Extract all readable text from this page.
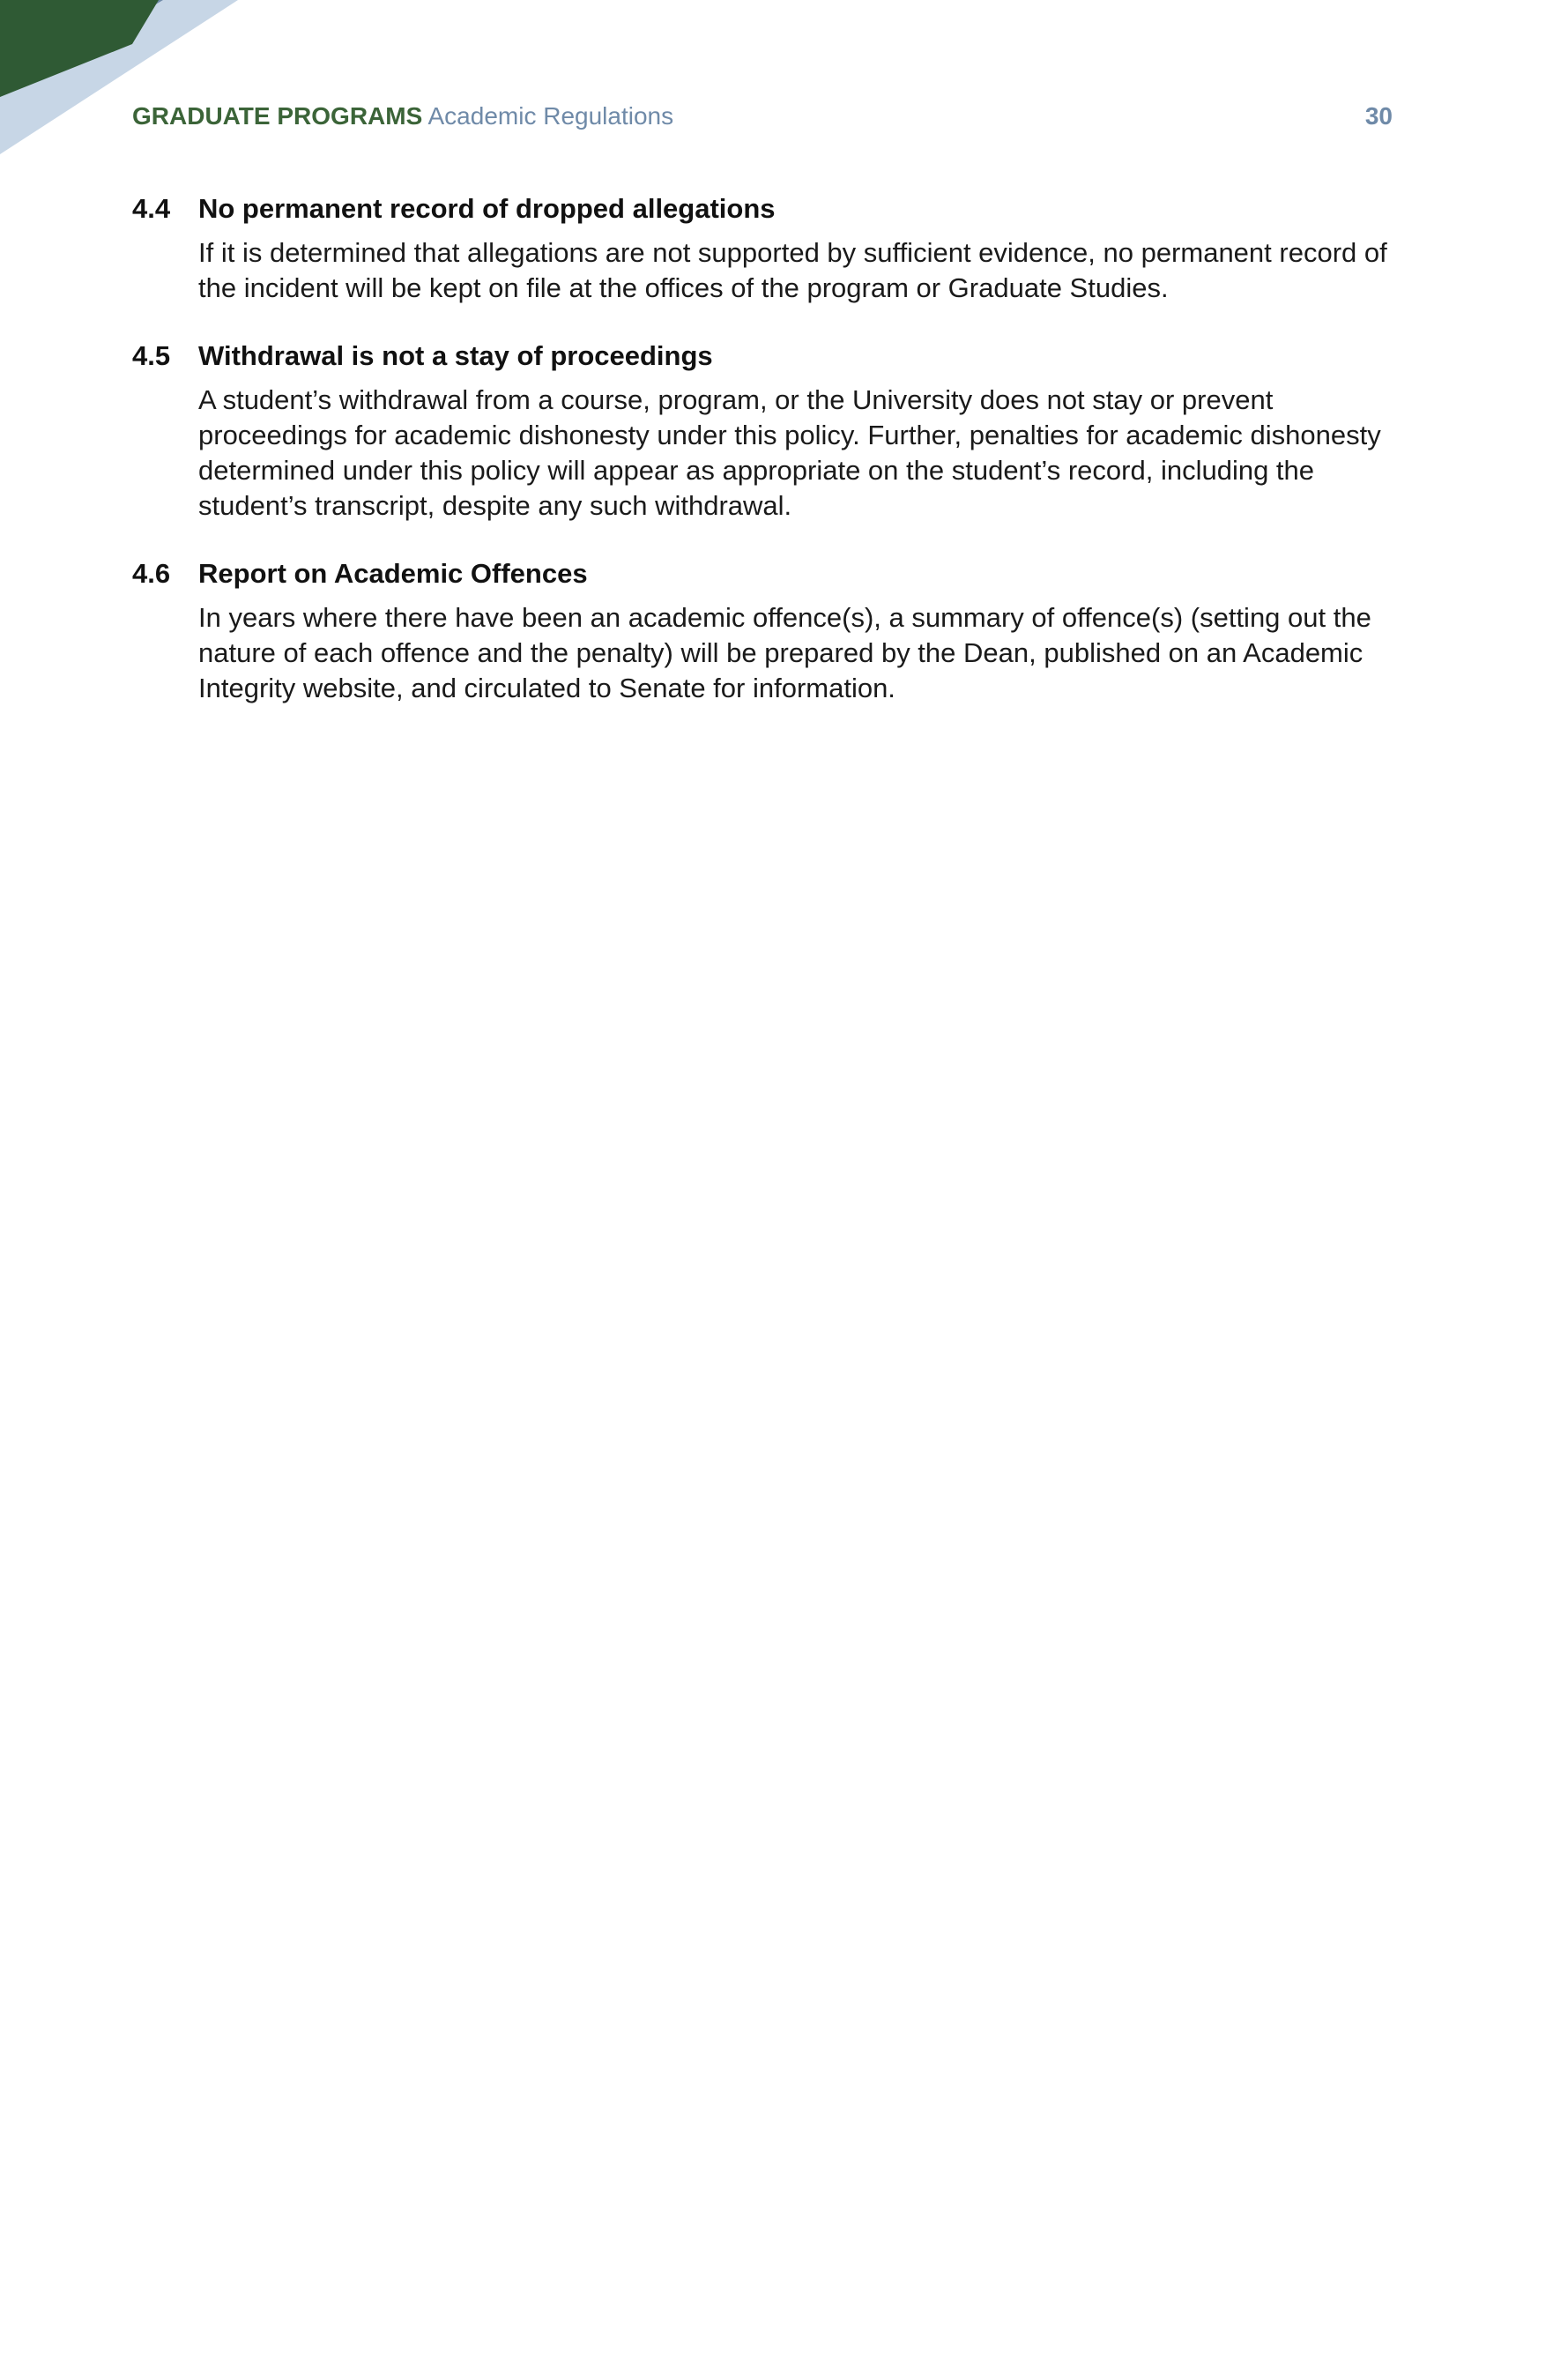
GRADUATE PROGRAMS Academic Regulations	30
4.4	No permanent record of dropped allegations
If it is determined that allegations are not supported by sufficient evidence, no permanent record of the incident will be kept on file at the offices of the program or Graduate Studies.
4.5	Withdrawal is not a stay of proceedings
A student’s withdrawal from a course, program, or the University does not stay or prevent proceedings for academic dishonesty under this policy. Further, penalties for academic dishonesty determined under this policy will appear as appropriate on the student’s record, including the student’s transcript, despite any such withdrawal.
4.6	Report on Academic Offences
In years where there have been an academic offence(s), a summary of offence(s) (setting out the nature of each offence and the penalty) will be prepared by the Dean, published on an Academic Integrity website, and circulated to Senate for information.
